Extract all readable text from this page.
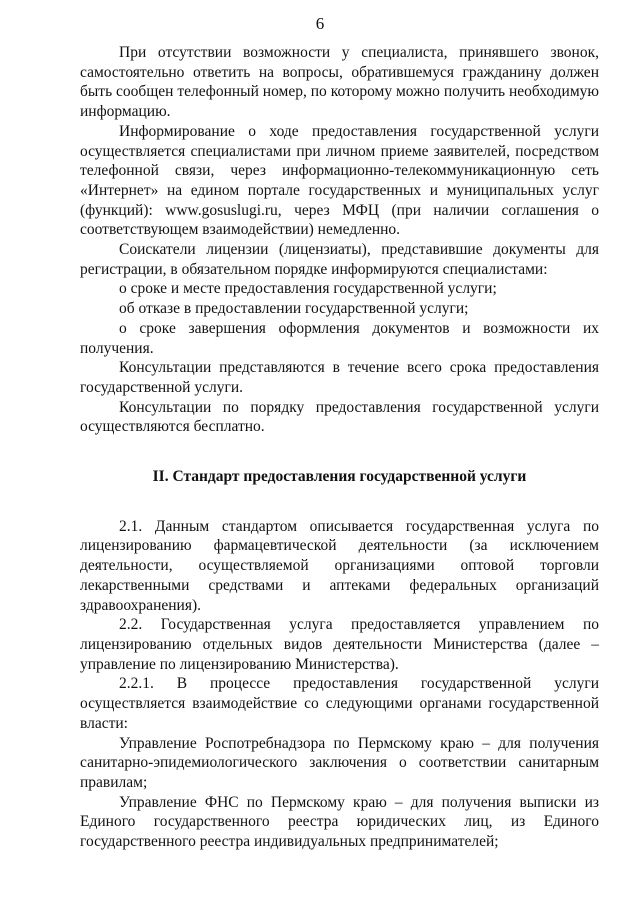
6

При отсутствии возможности у специалиста, принявшего звонок, самостоятельно ответить на вопросы, обратившемуся гражданину должен быть сообщен телефонный номер, по которому можно получить необходимую информацию.

Информирование о ходе предоставления государственной услуги осуществляется специалистами при личном приеме заявителей, посредством телефонной связи, через информационно-телекоммуникационную сеть «Интернет» на едином портале государственных и муниципальных услуг (функций): www.gosuslugi.ru, через МФЦ (при наличии соглашения о соответствующем взаимодействии) немедленно.

Соискатели лицензии (лицензиаты), представившие документы для регистрации, в обязательном порядке информируются специалистами:

о сроке и месте предоставления государственной услуги;

об отказе в предоставлении государственной услуги;

о сроке завершения оформления документов и возможности их получения.

Консультации представляются в течение всего срока предоставления государственной услуги.

Консультации по порядку предоставления государственной услуги осуществляются бесплатно.

II. Стандарт предоставления государственной услуги

2.1. Данным стандартом описывается государственная услуга по лицензированию фармацевтической деятельности (за исключением деятельности, осуществляемой организациями оптовой торговли лекарственными средствами и аптеками федеральных организаций здравоохранения).

2.2. Государственная услуга предоставляется управлением по лицензированию отдельных видов деятельности Министерства (далее – управление по лицензированию Министерства).

2.2.1. В процессе предоставления государственной услуги осуществляется взаимодействие со следующими органами государственной власти:

Управление Роспотребнадзора по Пермскому краю – для получения санитарно-эпидемиологического заключения о соответствии санитарным правилам;

Управление ФНС по Пермскому краю – для получения выписки из Единого государственного реестра юридических лиц, из Единого государственного реестра индивидуальных предпринимателей;
